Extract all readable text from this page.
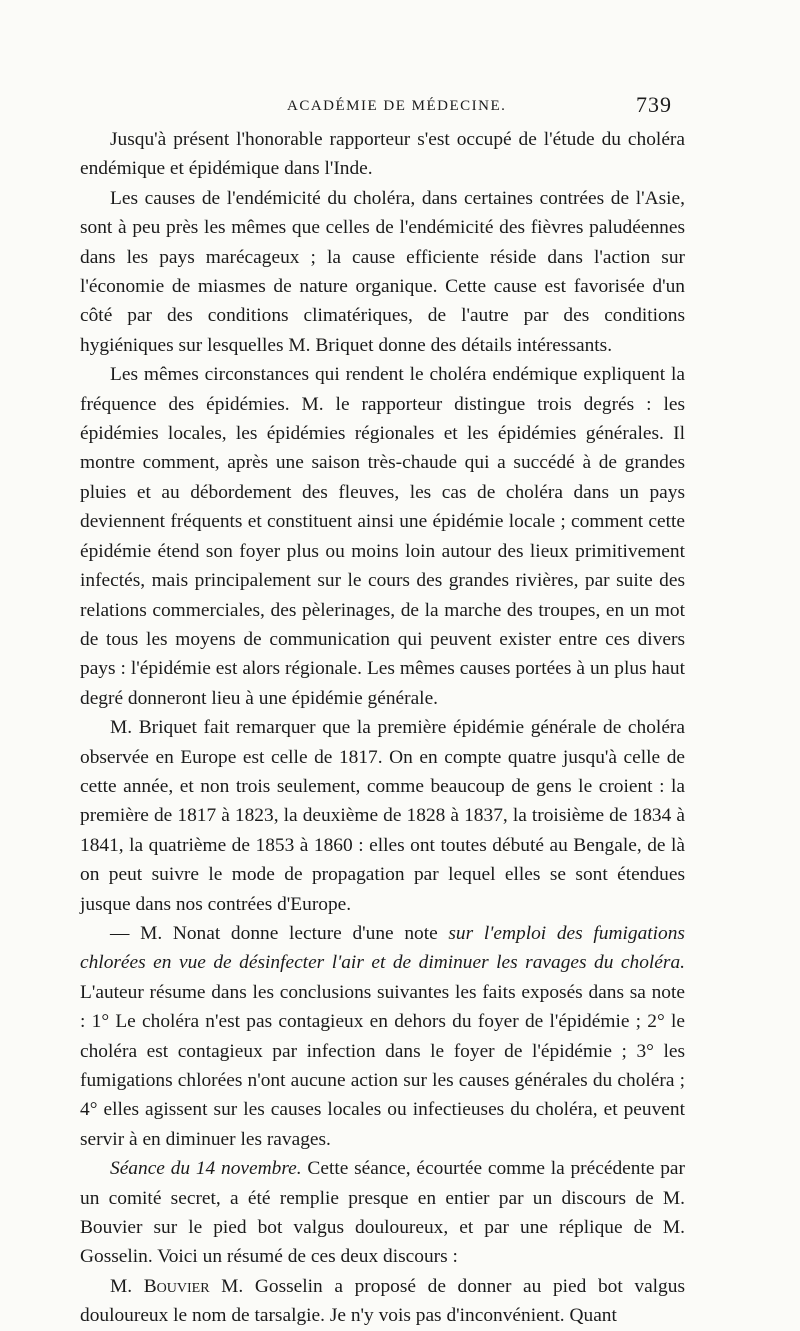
ACADÉMIE DE MÉDECINE.	739

Jusqu'à présent l'honorable rapporteur s'est occupé de l'étude du choléra endémique et épidémique dans l'Inde.

Les causes de l'endémicité du choléra, dans certaines contrées de l'Asie, sont à peu près les mêmes que celles de l'endémicité des fièvres paludéennes dans les pays marécageux ; la cause efficiente réside dans l'action sur l'économie de miasmes de nature organique. Cette cause est favorisée d'un côté par des conditions climatériques, de l'autre par des conditions hygiéniques sur lesquelles M. Briquet donne des détails intéressants.

Les mêmes circonstances qui rendent le choléra endémique expliquent la fréquence des épidémies. M. le rapporteur distingue trois degrés : les épidémies locales, les épidémies régionales et les épidémies générales. Il montre comment, après une saison très-chaude qui a succédé à de grandes pluies et au débordement des fleuves, les cas de choléra dans un pays deviennent fréquents et constituent ainsi une épidémie locale ; comment cette épidémie étend son foyer plus ou moins loin autour des lieux primitivement infectés, mais principalement sur le cours des grandes rivières, par suite des relations commerciales, des pèlerinages, de la marche des troupes, en un mot de tous les moyens de communication qui peuvent exister entre ces divers pays : l'épidémie est alors régionale. Les mêmes causes portées à un plus haut degré donneront lieu à une épidémie générale.

M. Briquet fait remarquer que la première épidémie générale de choléra observée en Europe est celle de 1817. On en compte quatre jusqu'à celle de cette année, et non trois seulement, comme beaucoup de gens le croient : la première de 1817 à 1823, la deuxième de 1828 à 1837, la troisième de 1834 à 1841, la quatrième de 1853 à 1860 : elles ont toutes débuté au Bengale, de là on peut suivre le mode de propagation par lequel elles se sont étendues jusque dans nos contrées d'Europe.

— M. Nonat donne lecture d'une note sur l'emploi des fumigations chlorées en vue de désinfecter l'air et de diminuer les ravages du choléra. L'auteur résume dans les conclusions suivantes les faits exposés dans sa note : 1° Le choléra n'est pas contagieux en dehors du foyer de l'épidémie ; 2° le choléra est contagieux par infection dans le foyer de l'épidémie ; 3° les fumigations chlorées n'ont aucune action sur les causes générales du choléra ; 4° elles agissent sur les causes locales ou infectieuses du choléra, et peuvent servir à en diminuer les ravages.

Séance du 14 novembre. Cette séance, écourtée comme la précédente par un comité secret, a été remplie presque en entier par un discours de M. Bouvier sur le pied bot valgus douloureux, et par une réplique de M. Gosselin. Voici un résumé de ces deux discours :

M. Bouvier M. Gosselin a proposé de donner au pied bot valgus douloureux le nom de tarsalgie. Je n'y vois pas d'inconvénient. Quant
